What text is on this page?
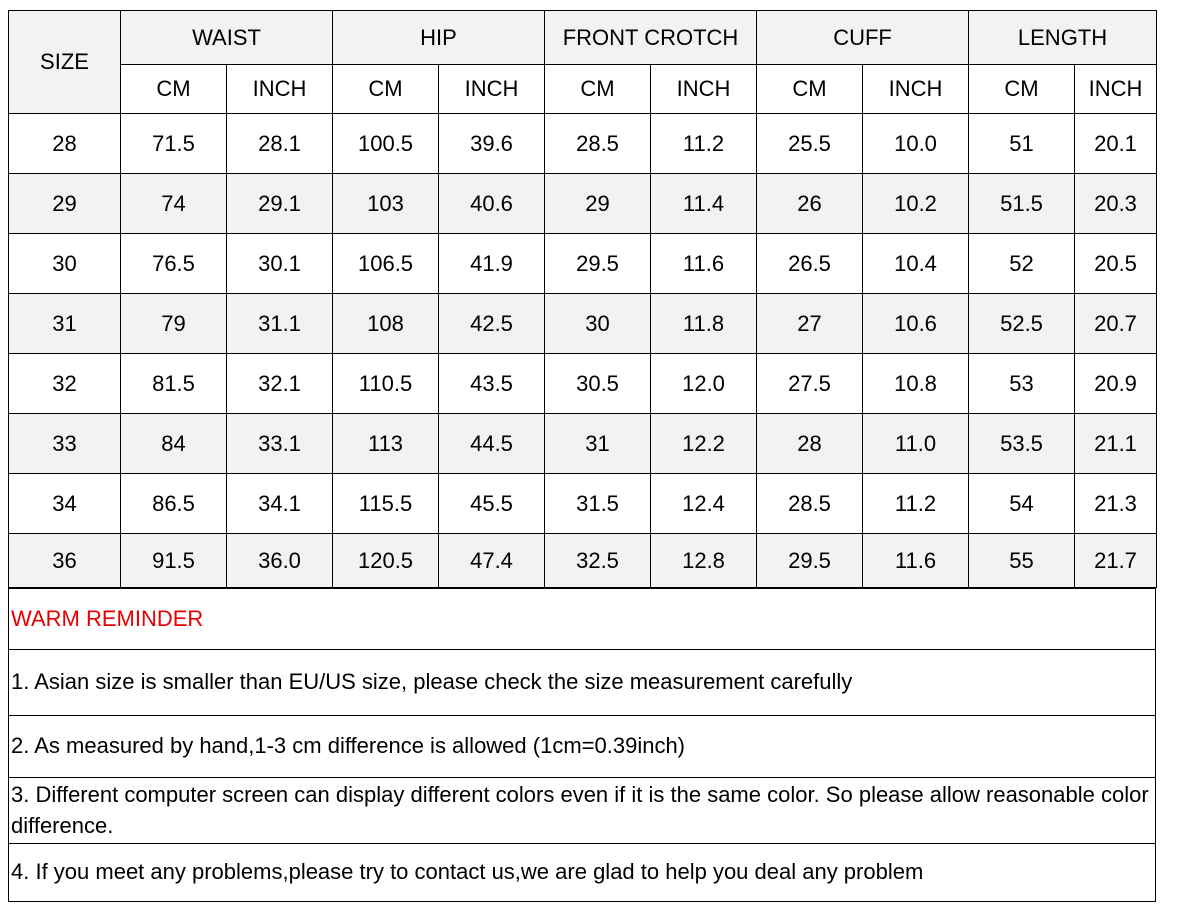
SIZE	WAIST		HIP		FRONT CROTCH		CUFF		LENGTH	
	CM	INCH	CM	INCH	CM	INCH	CM	INCH	CM	INCH
28	71.5	28.1	100.5	39.6	28.5	11.2	25.5	10.0	51	20.1
29	74	29.1	103	40.6	29	11.4	26	10.2	51.5	20.3
30	76.5	30.1	106.5	41.9	29.5	11.6	26.5	10.4	52	20.5
31	79	31.1	108	42.5	30	11.8	27	10.6	52.5	20.7
32	81.5	32.1	110.5	43.5	30.5	12.0	27.5	10.8	53	20.9
33	84	33.1	113	44.5	31	12.2	28	11.0	53.5	21.1
34	86.5	34.1	115.5	45.5	31.5	12.4	28.5	11.2	54	21.3
36	91.5	36.0	120.5	47.4	32.5	12.8	29.5	11.6	55	21.7
WARM REMINDER
1. Asian size is smaller than EU/US size, please check the size measurement carefully
2. As measured by hand,1-3 cm difference is allowed (1cm=0.39inch)
3. Different computer screen can display different colors even if it is the same color. So please allow reasonable color difference.
4. If you meet any problems,please try to contact us,we are glad to help you deal any problem
